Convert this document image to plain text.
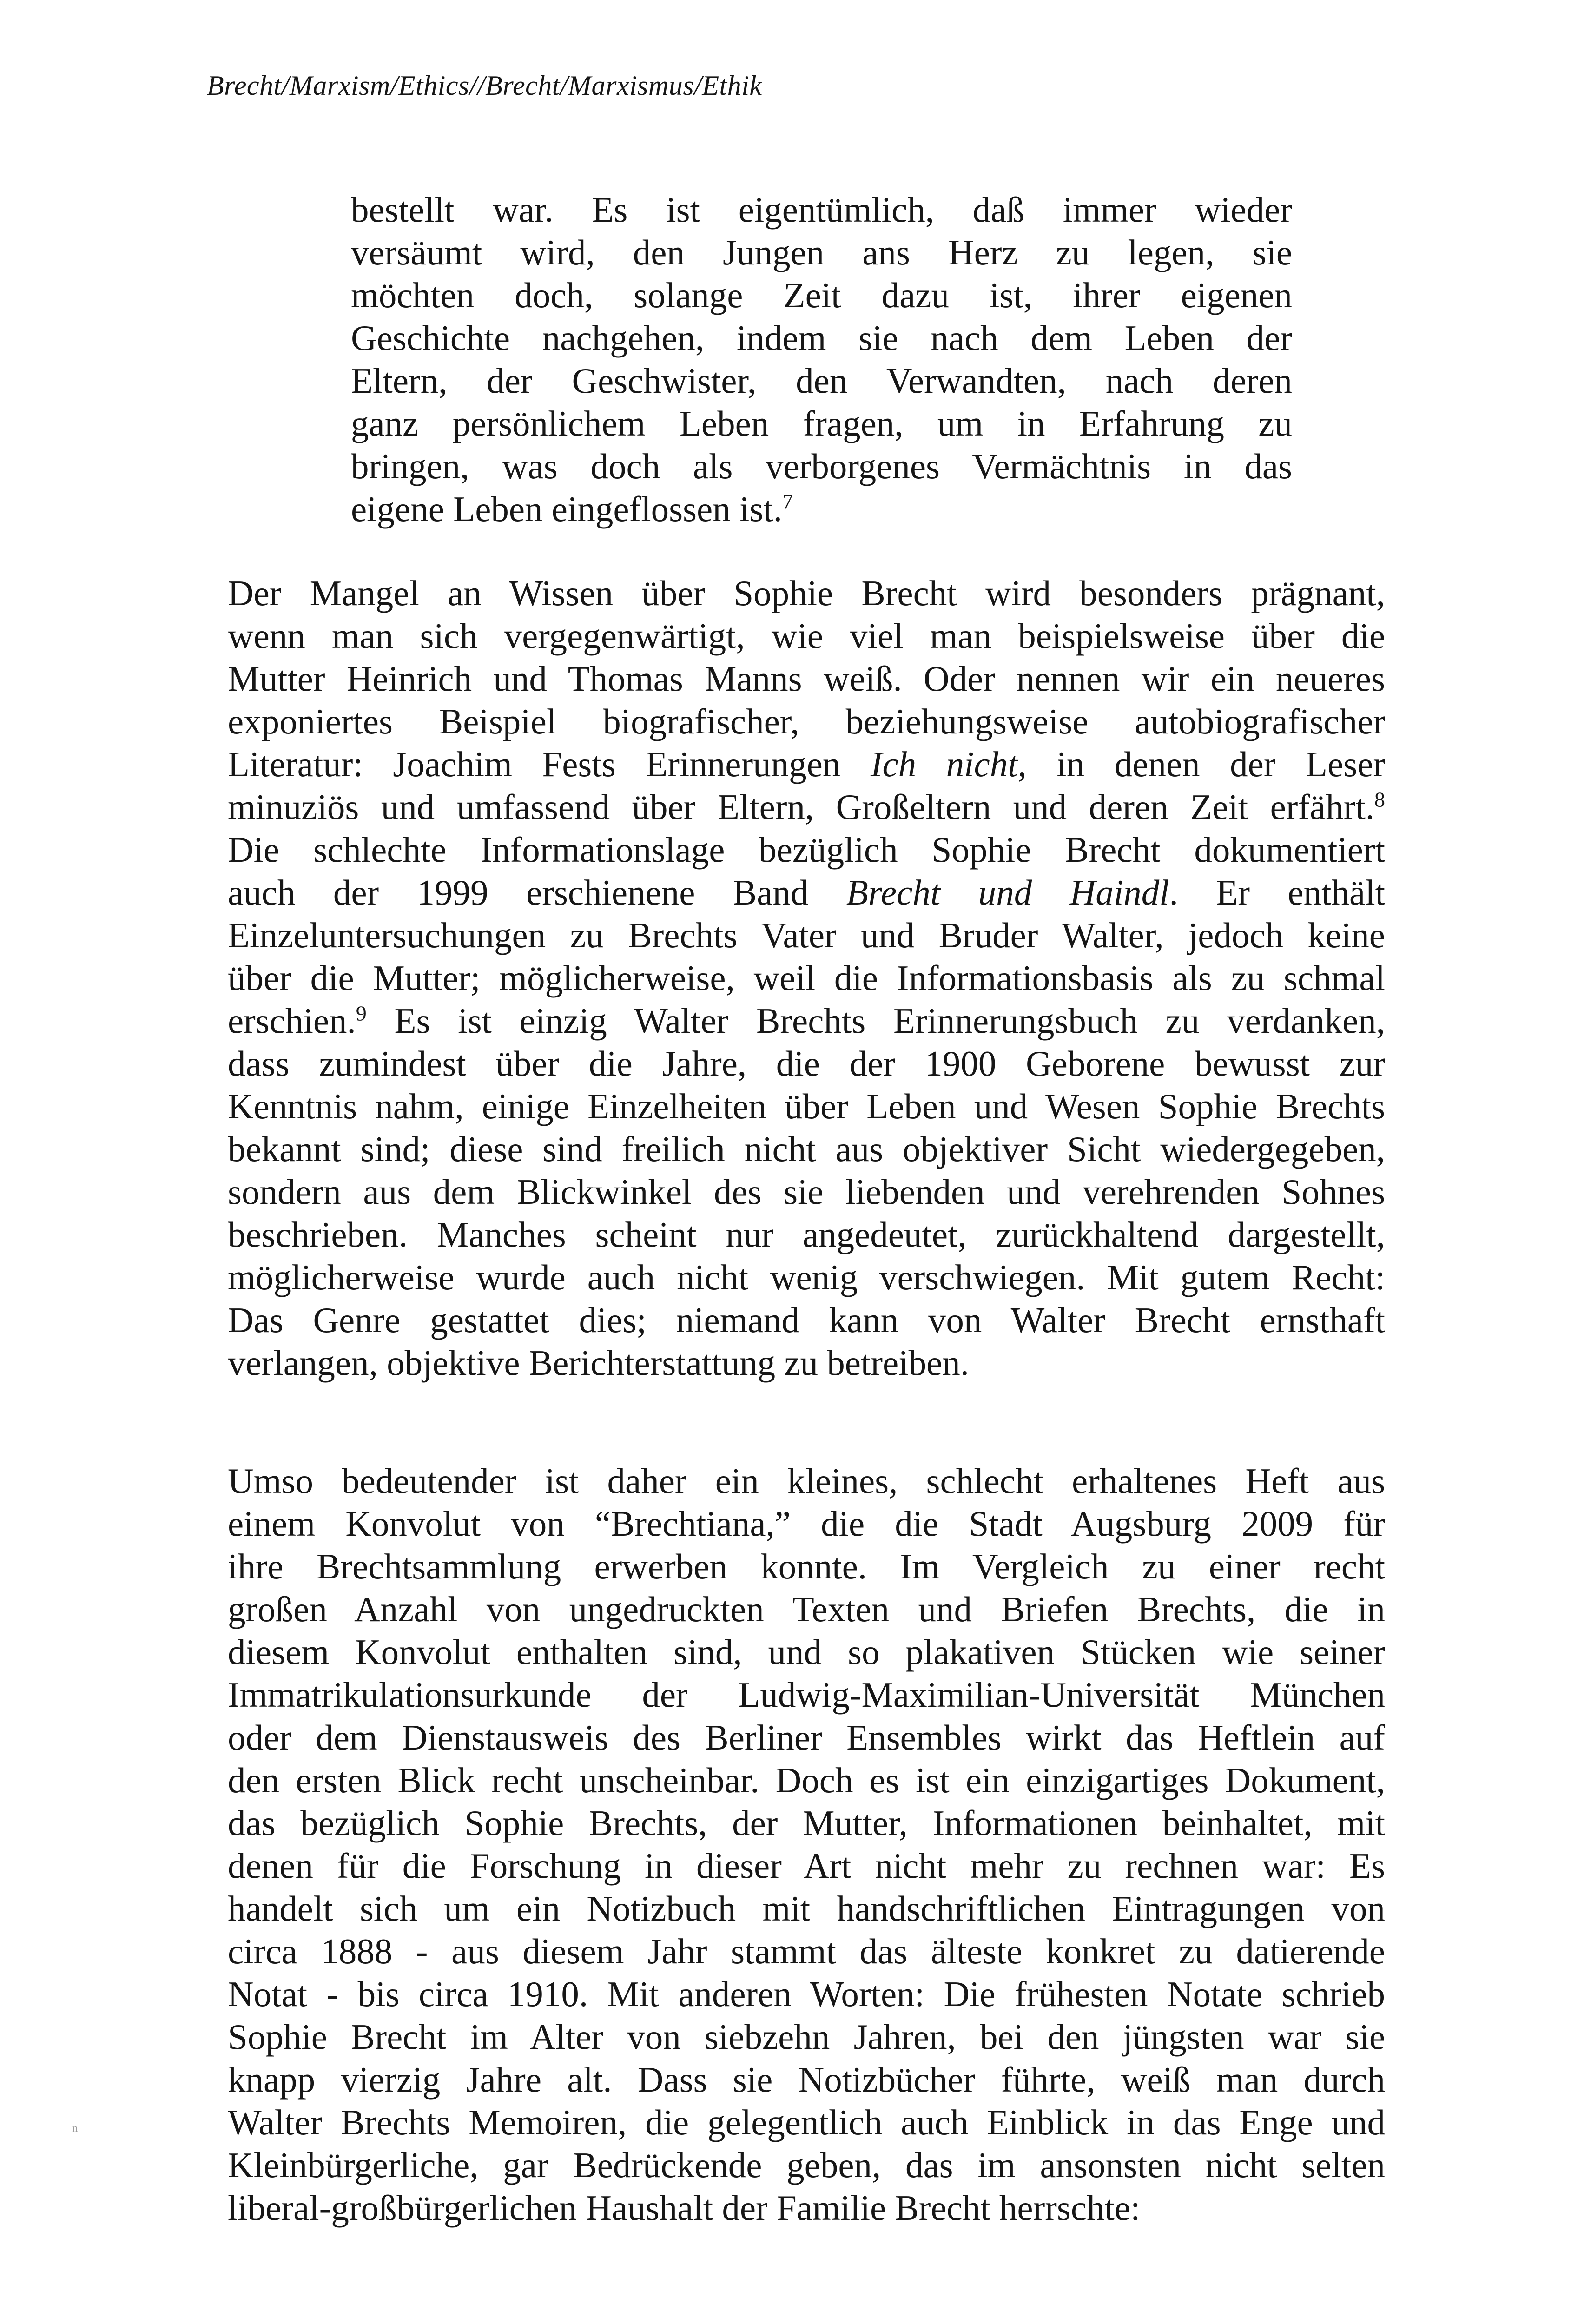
Brecht/Marxism/Ethics//Brecht/Marxismus/Ethik
bestellt war. Es ist eigentümlich, daß immer wieder
versäumt wird, den Jungen ans Herz zu legen, sie
möchten doch, solange Zeit dazu ist, ihrer eigenen
Geschichte nachgehen, indem sie nach dem Leben der
Eltern, der Geschwister, den Verwandten, nach deren
ganz persönlichem Leben fragen, um in Erfahrung zu
bringen, was doch als verborgenes Vermächtnis in das
eigene Leben eingeflossen ist.$^7$
Der Mangel an Wissen über Sophie Brecht wird besonders prägnant,
wenn man sich vergegenwärtigt, wie viel man beispielsweise über die
Mutter Heinrich und Thomas Manns weiß. Oder nennen wir ein neueres
exponiertes Beispiel biografischer, beziehungsweise autobiografischer
Literatur: Joachim Fests Erinnerungen Ich nicht, in denen der Leser
minuziös und umfassend über Eltern, Großeltern und deren Zeit erfährt.$^8$
Die schlechte Informationslage bezüglich Sophie Brecht dokumentiert
auch der 1999 erschienene Band Brecht und Haindl. Er enthält
Einzeluntersuchungen zu Brechts Vater und Bruder Walter, jedoch keine
über die Mutter; möglicherweise, weil die Informationsbasis als zu schmal
erschien.$^9$ Es ist einzig Walter Brechts Erinnerungsbuch zu verdanken,
dass zumindest über die Jahre, die der 1900 Geborene bewusst zur
Kenntnis nahm, einige Einzelheiten über Leben und Wesen Sophie Brechts
bekannt sind; diese sind freilich nicht aus objektiver Sicht wiedergegeben,
sondern aus dem Blickwinkel des sie liebenden und verehrenden Sohnes
beschrieben. Manches scheint nur angedeutet, zurückhaltend dargestellt,
möglicherweise wurde auch nicht wenig verschwiegen. Mit gutem Recht:
Das Genre gestattet dies; niemand kann von Walter Brecht ernsthaft
verlangen, objektive Berichterstattung zu betreiben.
Umso bedeutender ist daher ein kleines, schlecht erhaltenes Heft aus
einem Konvolut von “Brechtiana,” die die Stadt Augsburg 2009 für
ihre Brechtsammlung erwerben konnte. Im Vergleich zu einer recht
großen Anzahl von ungedruckten Texten und Briefen Brechts, die in
diesem Konvolut enthalten sind, und so plakativen Stücken wie seiner
Immatrikulationsurkunde der Ludwig-Maximilian-Universität München
oder dem Dienstausweis des Berliner Ensembles wirkt das Heftlein auf
den ersten Blick recht unscheinbar. Doch es ist ein einzigartiges Dokument,
das bezüglich Sophie Brechts, der Mutter, Informationen beinhaltet, mit
denen für die Forschung in dieser Art nicht mehr zu rechnen war: Es
handelt sich um ein Notizbuch mit handschriftlichen Eintragungen von
circa 1888 - aus diesem Jahr stammt das älteste konkret zu datierende
Notat - bis circa 1910. Mit anderen Worten: Die frühesten Notate schrieb
Sophie Brecht im Alter von siebzehn Jahren, bei den jüngsten war sie
knapp vierzig Jahre alt. Dass sie Notizbücher führte, weiß man durch
Walter Brechts Memoiren, die gelegentlich auch Einblick in das Enge und
Kleinbürgerliche, gar Bedrückende geben, das im ansonsten nicht selten
liberal-großbürgerlichen Haushalt der Familie Brecht herrschte:
ⁿ
